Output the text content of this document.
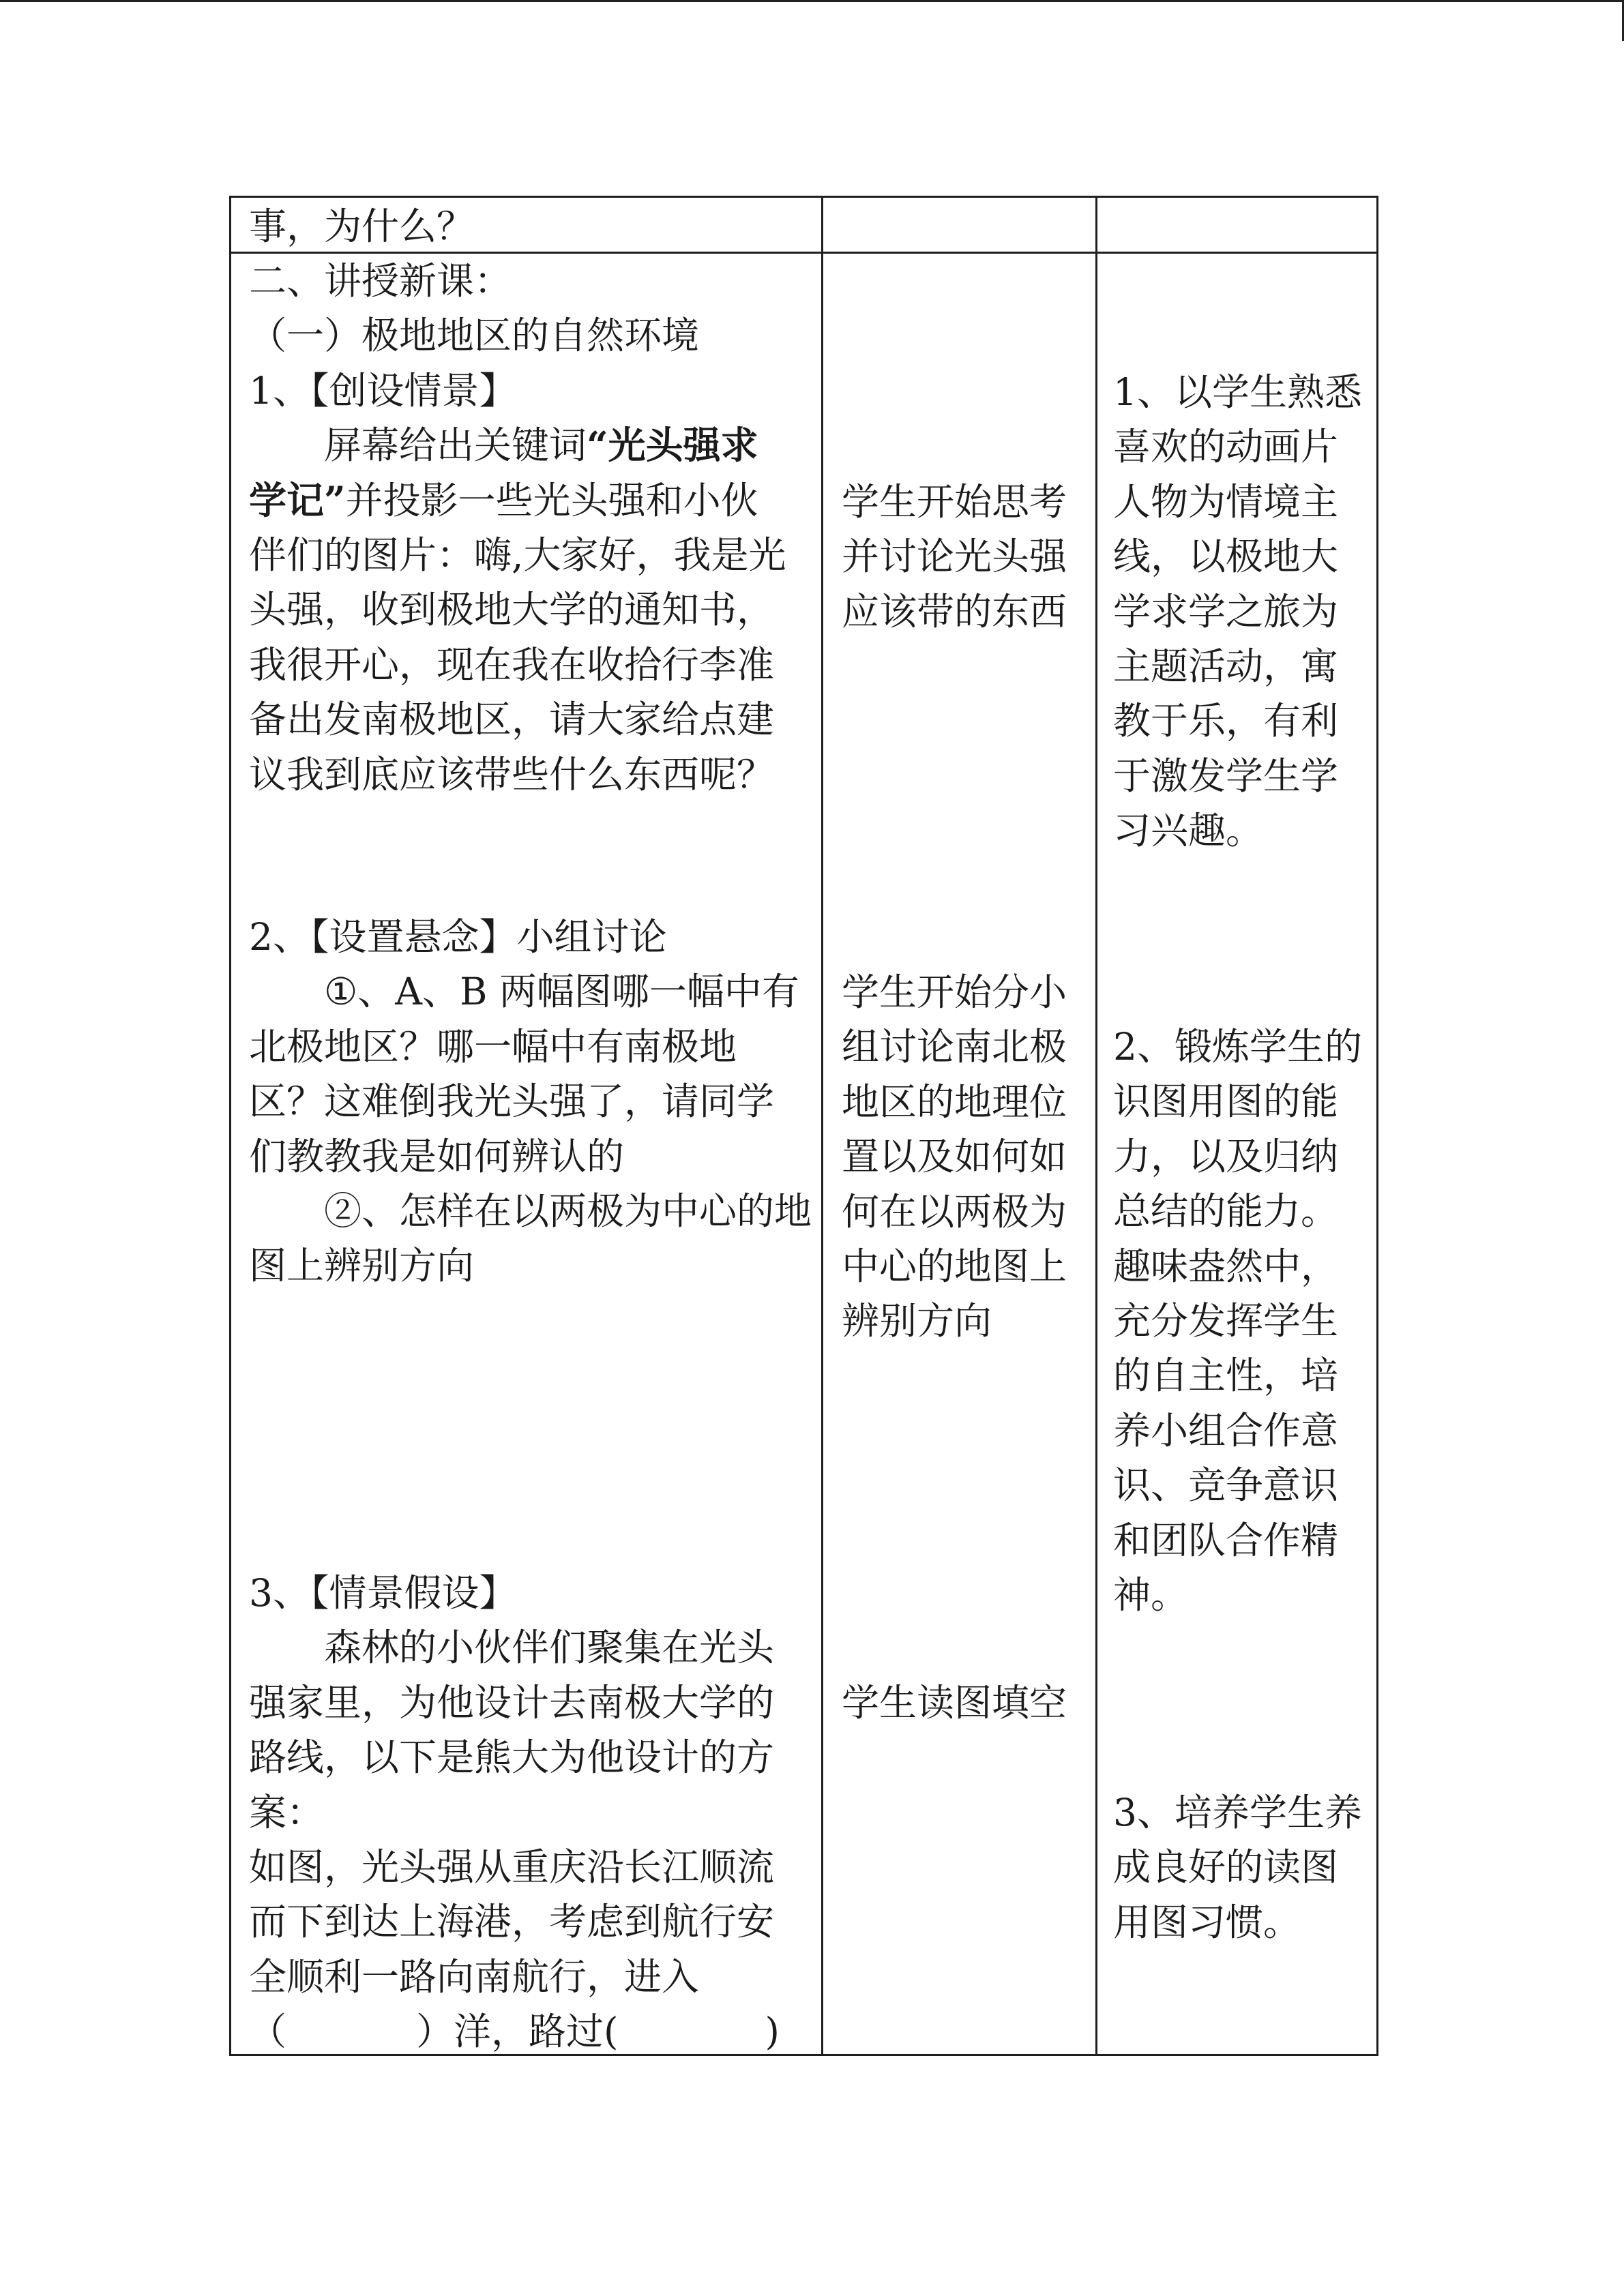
事，为什么？
二、讲授新课：
（一）极地地区的自然环境
1、【创设情景】
屏幕给出关键词“光头强求
学记”并投影一些光头强和小伙
伴们的图片：嗨,大家好，我是光
头强，收到极地大学的通知书，
我很开心，现在我在收拾行李准
备出发南极地区，请大家给点建
议我到底应该带些什么东西呢？
2、【设置悬念】小组讨论
①、A、B 两幅图哪一幅中有
北极地区？哪一幅中有南极地
区？这难倒我光头强了，请同学
们教教我是如何辨认的
②、怎样在以两极为中心的地
图上辨别方向
3、【情景假设】
森林的小伙伴们聚集在光头
强家里，为他设计去南极大学的
路线，以下是熊大为他设计的方
案：
如图，光头强从重庆沿长江顺流
而下到达上海港，考虑到航行安
全顺利一路向南航行，进入
（	）洋，路过(	)
学生开始思考
并讨论光头强
应该带的东西
学生开始分小
组讨论南北极
地区的地理位
置以及如何如
何在以两极为
中心的地图上
辨别方向
学生读图填空
1、以学生熟悉
喜欢的动画片
人物为情境主
线，以极地大
学求学之旅为
主题活动，寓
教于乐，有利
于激发学生学
习兴趣。
2、锻炼学生的
识图用图的能
力，以及归纳
总结的能力。
趣味盎然中，
充分发挥学生
的自主性，培
养小组合作意
识、竞争意识
和团队合作精
神。
3、培养学生养
成良好的读图
用图习惯。
